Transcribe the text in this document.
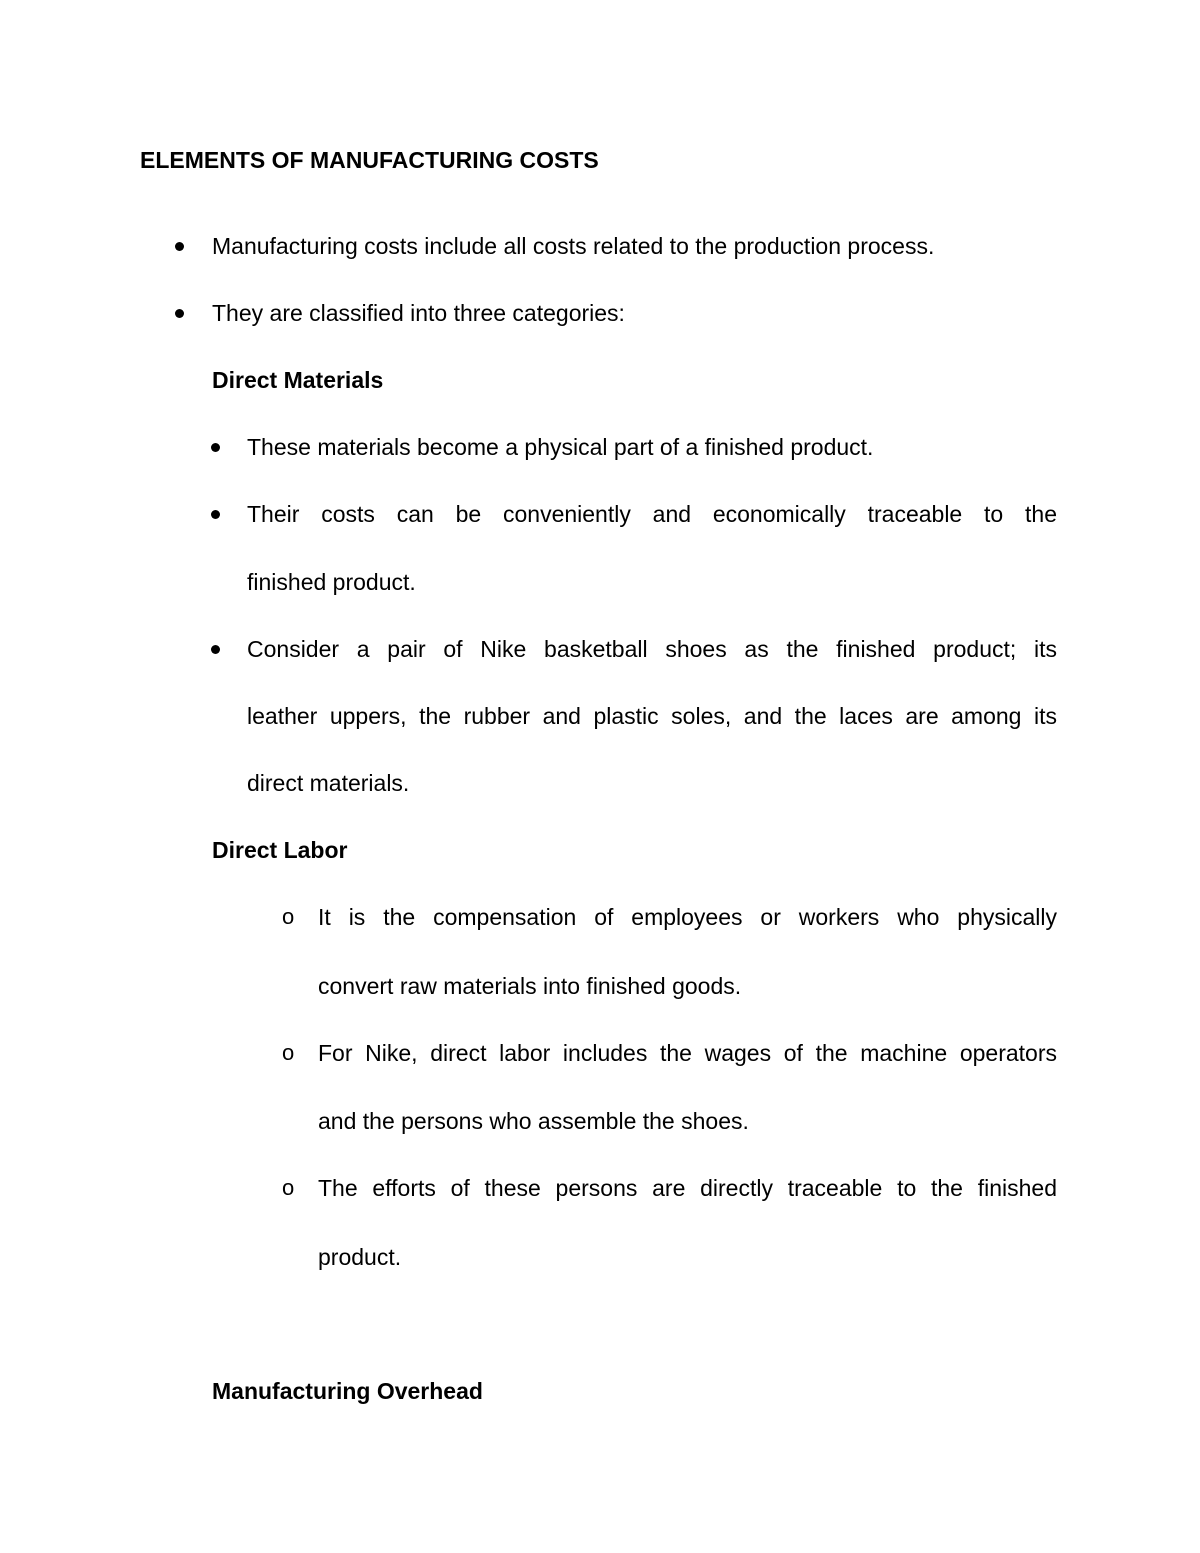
ELEMENTS OF MANUFACTURING COSTS
Manufacturing costs include all costs related to the production process.
They are classified into three categories:
Direct Materials
These materials become a physical part of a finished product.
Their costs can be conveniently and economically traceable to the
finished product.
Consider a pair of Nike basketball shoes as the finished product; its
leather uppers, the rubber and plastic soles, and the laces are among its
direct materials.
Direct Labor
o It is the compensation of employees or workers who physically
convert raw materials into finished goods.
o For Nike, direct labor includes the wages of the machine operators
and the persons who assemble the shoes.
o The efforts of these persons are directly traceable to the finished
product.
Manufacturing Overhead
